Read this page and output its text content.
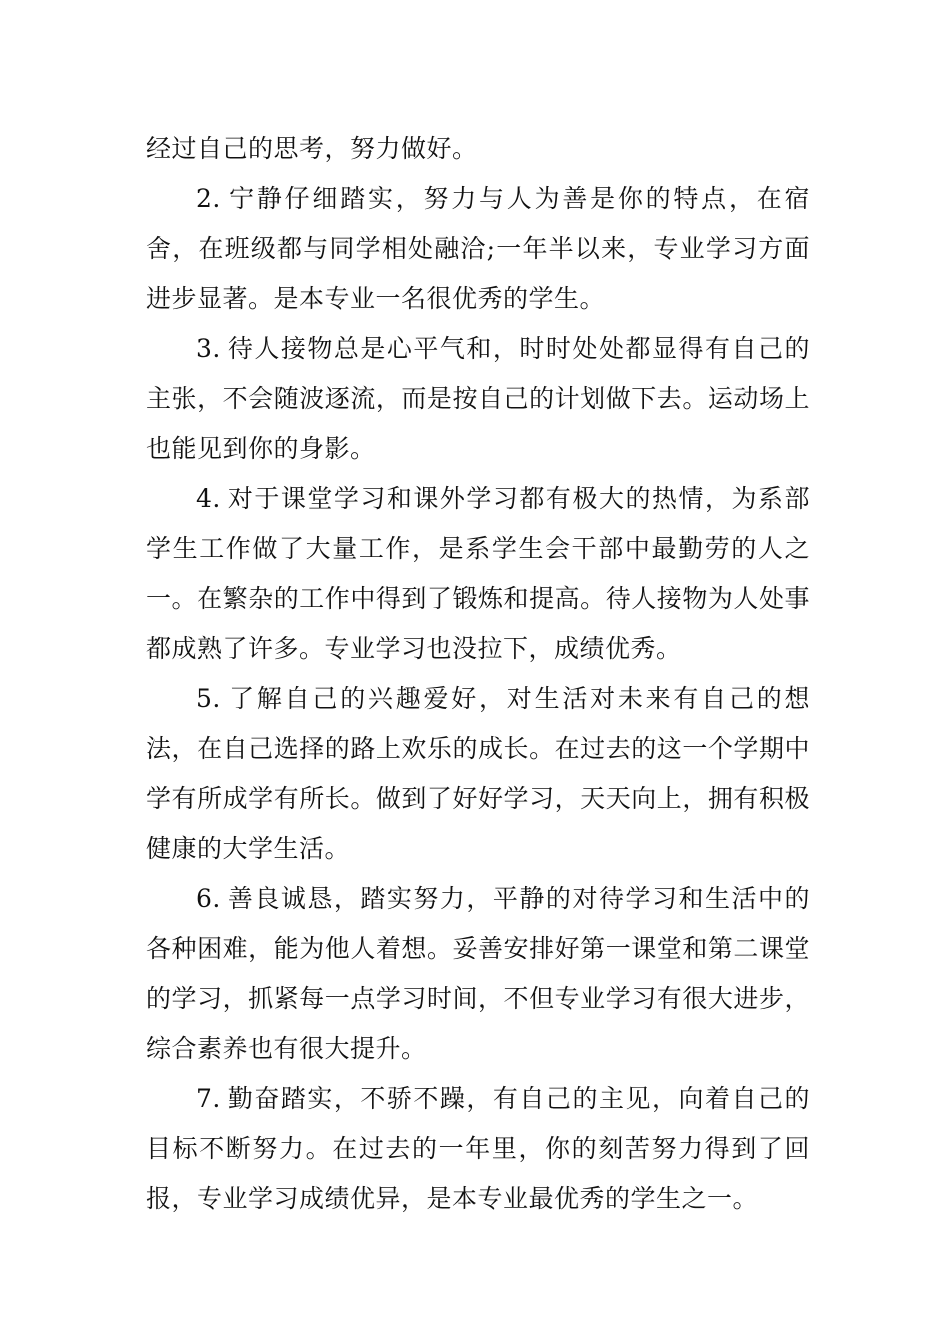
经过自己的思考，努力做好。

2. 宁静仔细踏实，努力与人为善是你的特点，在宿舍，在班级都与同学相处融洽;一年半以来，专业学习方面进步显著。是本专业一名很优秀的学生。

3. 待人接物总是心平气和，时时处处都显得有自己的主张，不会随波逐流，而是按自己的计划做下去。运动场上也能见到你的身影。

4. 对于课堂学习和课外学习都有极大的热情，为系部学生工作做了大量工作，是系学生会干部中最勤劳的人之一。在繁杂的工作中得到了锻炼和提高。待人接物为人处事都成熟了许多。专业学习也没拉下，成绩优秀。

5. 了解自己的兴趣爱好，对生活对未来有自己的想法，在自己选择的路上欢乐的成长。在过去的这一个学期中学有所成学有所长。做到了好好学习，天天向上，拥有积极健康的大学生活。

6. 善良诚恳，踏实努力，平静的对待学习和生活中的各种困难，能为他人着想。妥善安排好第一课堂和第二课堂的学习，抓紧每一点学习时间，不但专业学习有很大进步，综合素养也有很大提升。

7. 勤奋踏实，不骄不躁，有自己的主见，向着自己的目标不断努力。在过去的一年里，你的刻苦努力得到了回报，专业学习成绩优异，是本专业最优秀的学生之一。
